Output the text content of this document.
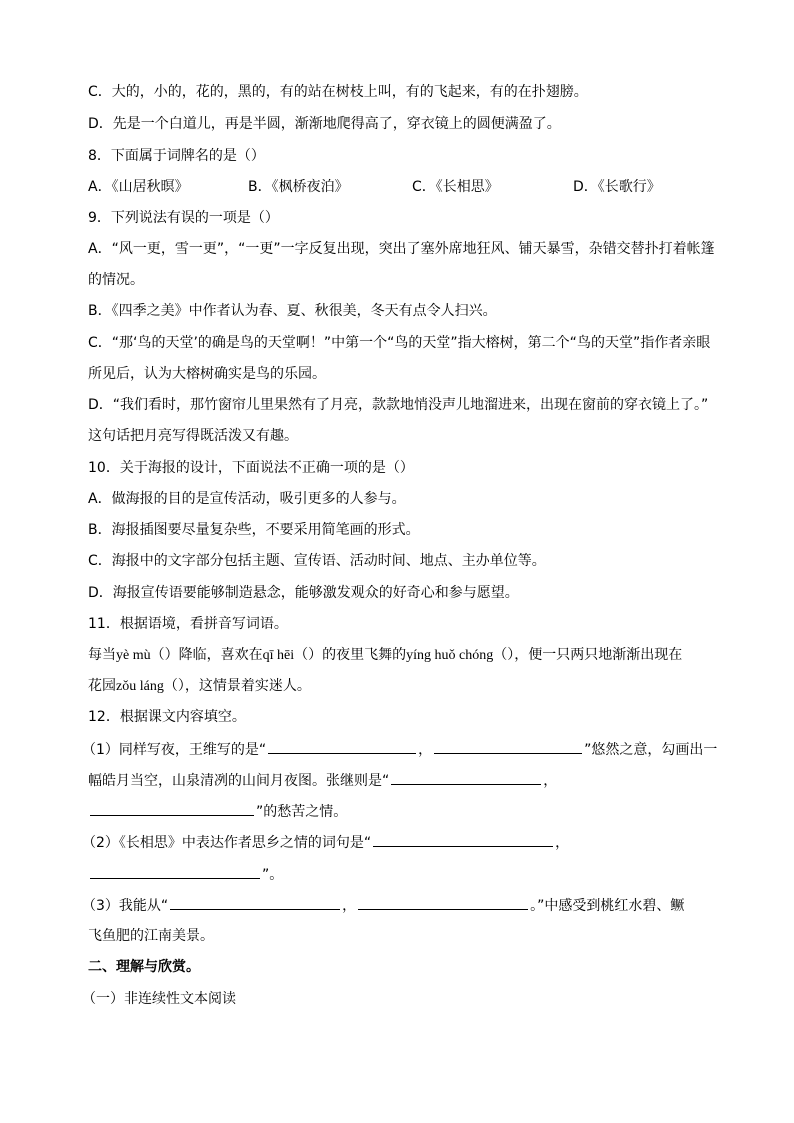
C．大的，小的，花的，黑的，有的站在树枝上叫，有的飞起来，有的在扑翅膀。
D．先是一个白道儿，再是半圆，渐渐地爬得高了，穿衣镜上的圆便满盈了。
8．下面属于词牌名的是（）
A．《山居秋暝》	B．《枫桥夜泊》	C．《长相思》	D．《长歌行》
9．下列说法有误的一项是（）
A．“风一更，雪一更”，“一更”一字反复出现，突出了塞外席地狂风、铺天暴雪，杂错交替扑打着帐篷
的情况。
B．《四季之美》中作者认为春、夏、秋很美，冬天有点令人扫兴。
C．“那‘鸟的天堂’的确是鸟的天堂啊！”中第一个“鸟的天堂”指大榕树，第二个“鸟的天堂”指作者亲眼
所见后，认为大榕树确实是鸟的乐园。
D．“我们看时，那竹窗帘儿里果然有了月亮，款款地悄没声儿地溜进来，出现在窗前的穿衣镜上了。”
这句话把月亮写得既活泼又有趣。
10．关于海报的设计，下面说法不正确一项的是（）
A．做海报的目的是宣传活动，吸引更多的人参与。
B．海报插图要尽量复杂些，不要采用简笔画的形式。
C．海报中的文字部分包括主题、宣传语、活动时间、地点、主办单位等。
D．海报宣传语要能够制造悬念，能够激发观众的好奇心和参与愿望。
11．根据语境，看拼音写词语。
每当yè mù（）降临，喜欢在qī hēi（）的夜里飞舞的yíng huǒ chóng（），便一只两只地渐渐出现在
花园zǒu láng（），这情景着实迷人。
12．根据课文内容填空。
（1）同样写夜，王维写的是“	，	”悠然之意，勾画出一
幅皓月当空，山泉清冽的山间月夜图。张继则是“	，
”的愁苦之情。
（2）《长相思》中表达作者思乡之情的词句是“	，
”。
（3）我能从“	，	。”中感受到桃红水碧、鳜
飞鱼肥的江南美景。
二、理解与欣赏。
（一）非连续性文本阅读
